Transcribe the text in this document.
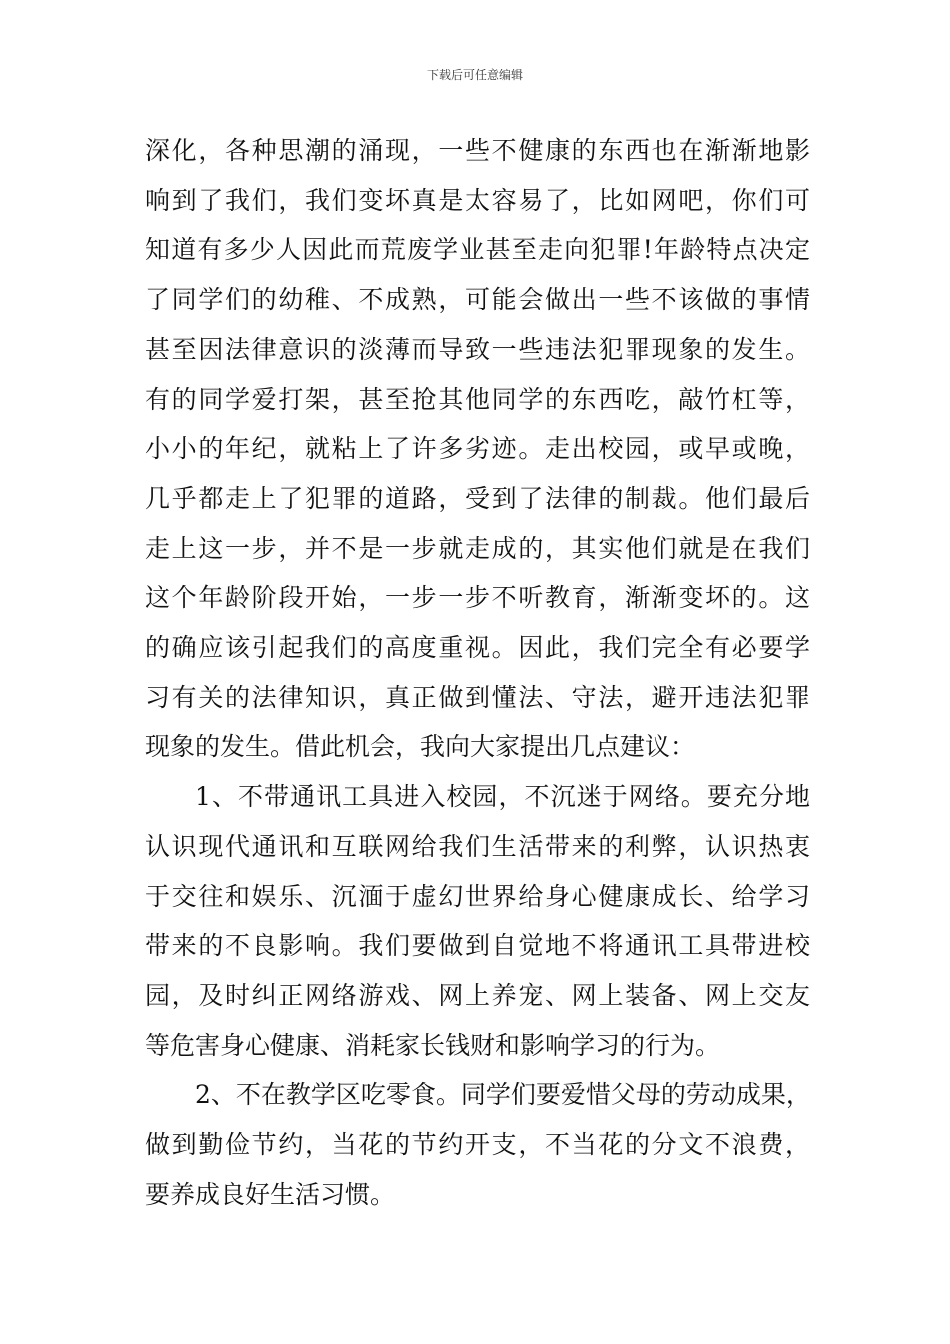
下载后可任意编辑

深化，各种思潮的涌现，一些不健康的东西也在渐渐地影
响到了我们，我们变坏真是太容易了，比如网吧，你们可
知道有多少人因此而荒废学业甚至走向犯罪!年龄特点决定
了同学们的幼稚、不成熟，可能会做出一些不该做的事情
甚至因法律意识的淡薄而导致一些违法犯罪现象的发生。
有的同学爱打架，甚至抢其他同学的东西吃，敲竹杠等，
小小的年纪，就粘上了许多劣迹。走出校园，或早或晚，
几乎都走上了犯罪的道路，受到了法律的制裁。他们最后
走上这一步，并不是一步就走成的，其实他们就是在我们
这个年龄阶段开始，一步一步不听教育，渐渐变坏的。这
的确应该引起我们的高度重视。因此，我们完全有必要学
习有关的法律知识，真正做到懂法、守法，避开违法犯罪
现象的发生。借此机会，我向大家提出几点建议：

1、不带通讯工具进入校园，不沉迷于网络。要充分地
认识现代通讯和互联网给我们生活带来的利弊，认识热衷
于交往和娱乐、沉湎于虚幻世界给身心健康成长、给学习
带来的不良影响。我们要做到自觉地不将通讯工具带进校
园，及时纠正网络游戏、网上养宠、网上装备、网上交友
等危害身心健康、消耗家长钱财和影响学习的行为。

2、不在教学区吃零食。同学们要爱惜父母的劳动成果，
做到勤俭节约，当花的节约开支，不当花的分文不浪费，
要养成良好生活习惯。
